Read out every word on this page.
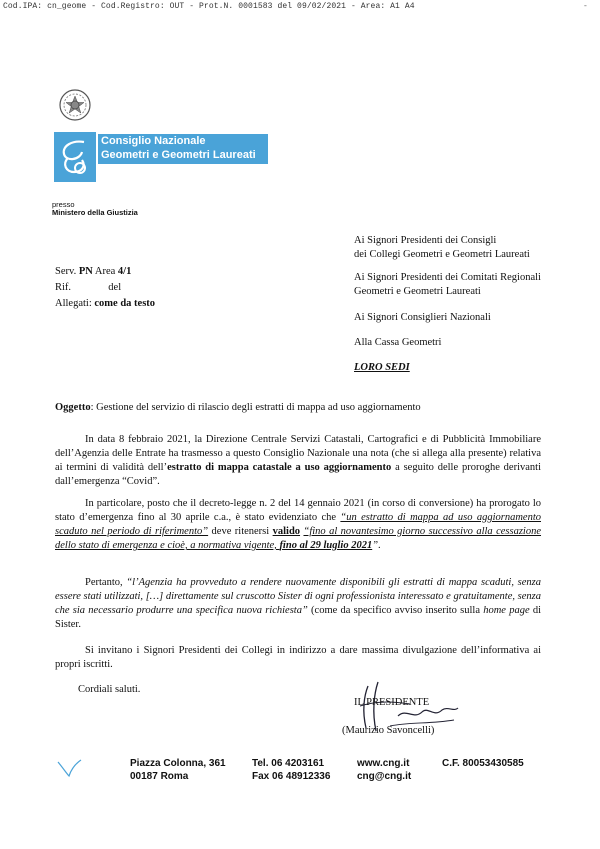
Cod.IPA: cn_geome - Cod.Registro: OUT - Prot.N. 0001583 del 09/02/2021 - Area: A1 A4	-
Consiglio Nazionale
Geometri e Geometri Laureati
presso
Ministero della Giustizia
Ai Signori Presidenti dei Consigli
dei Collegi Geometri e Geometri Laureati
Ai Signori Presidenti dei Comitati Regionali
Geometri e Geometri Laureati
Ai Signori Consiglieri Nazionali
Alla Cassa Geometri
LORO SEDI
Serv. PN Area 4/1
Rif.	del
Allegati: come da testo
Oggetto: Gestione del servizio di rilascio degli estratti di mappa ad uso aggiornamento

In data 8 febbraio 2021, la Direzione Centrale Servizi Catastali, Cartografici e di Pubblicità Immobiliare dell’Agenzia delle Entrate ha trasmesso a questo Consiglio Nazionale una nota (che si allega alla presente) relativa ai termini di validità dell’estratto di mappa catastale a uso aggiornamento a seguito delle proroghe derivanti dall’emergenza “Covid”.

In particolare, posto che il decreto-legge n. 2 del 14 gennaio 2021 (in corso di conversione) ha prorogato lo stato d’emergenza fino al 30 aprile c.a., è stato evidenziato che “un estratto di mappa ad uso aggiornamento scaduto nel periodo di riferimento” deve ritenersi valido “fino al novantesimo giorno successivo alla cessazione dello stato di emergenza e cioè, a normativa vigente, fino al 29 luglio 2021”.

Pertanto, “l’Agenzia ha provveduto a rendere nuovamente disponibili gli estratti di mappa scaduti, senza essere stati utilizzati, […] direttamente sul cruscotto Sister di ogni professionista interessato e gratuitamente, senza che sia necessario produrre una specifica nuova richiesta” (come da specifico avviso inserito sulla home page di Sister.

Si invitano i Signori Presidenti dei Collegi in indirizzo a dare massima divulgazione dell’informativa ai propri iscritti.

Cordiali saluti.
IL PRESIDENTE
(Maurizio Savoncelli)
Piazza Colonna, 361
00187 Roma
Tel. 06 4203161
Fax 06 48912336
www.cng.it
cng@cng.it
C.F. 80053430585
